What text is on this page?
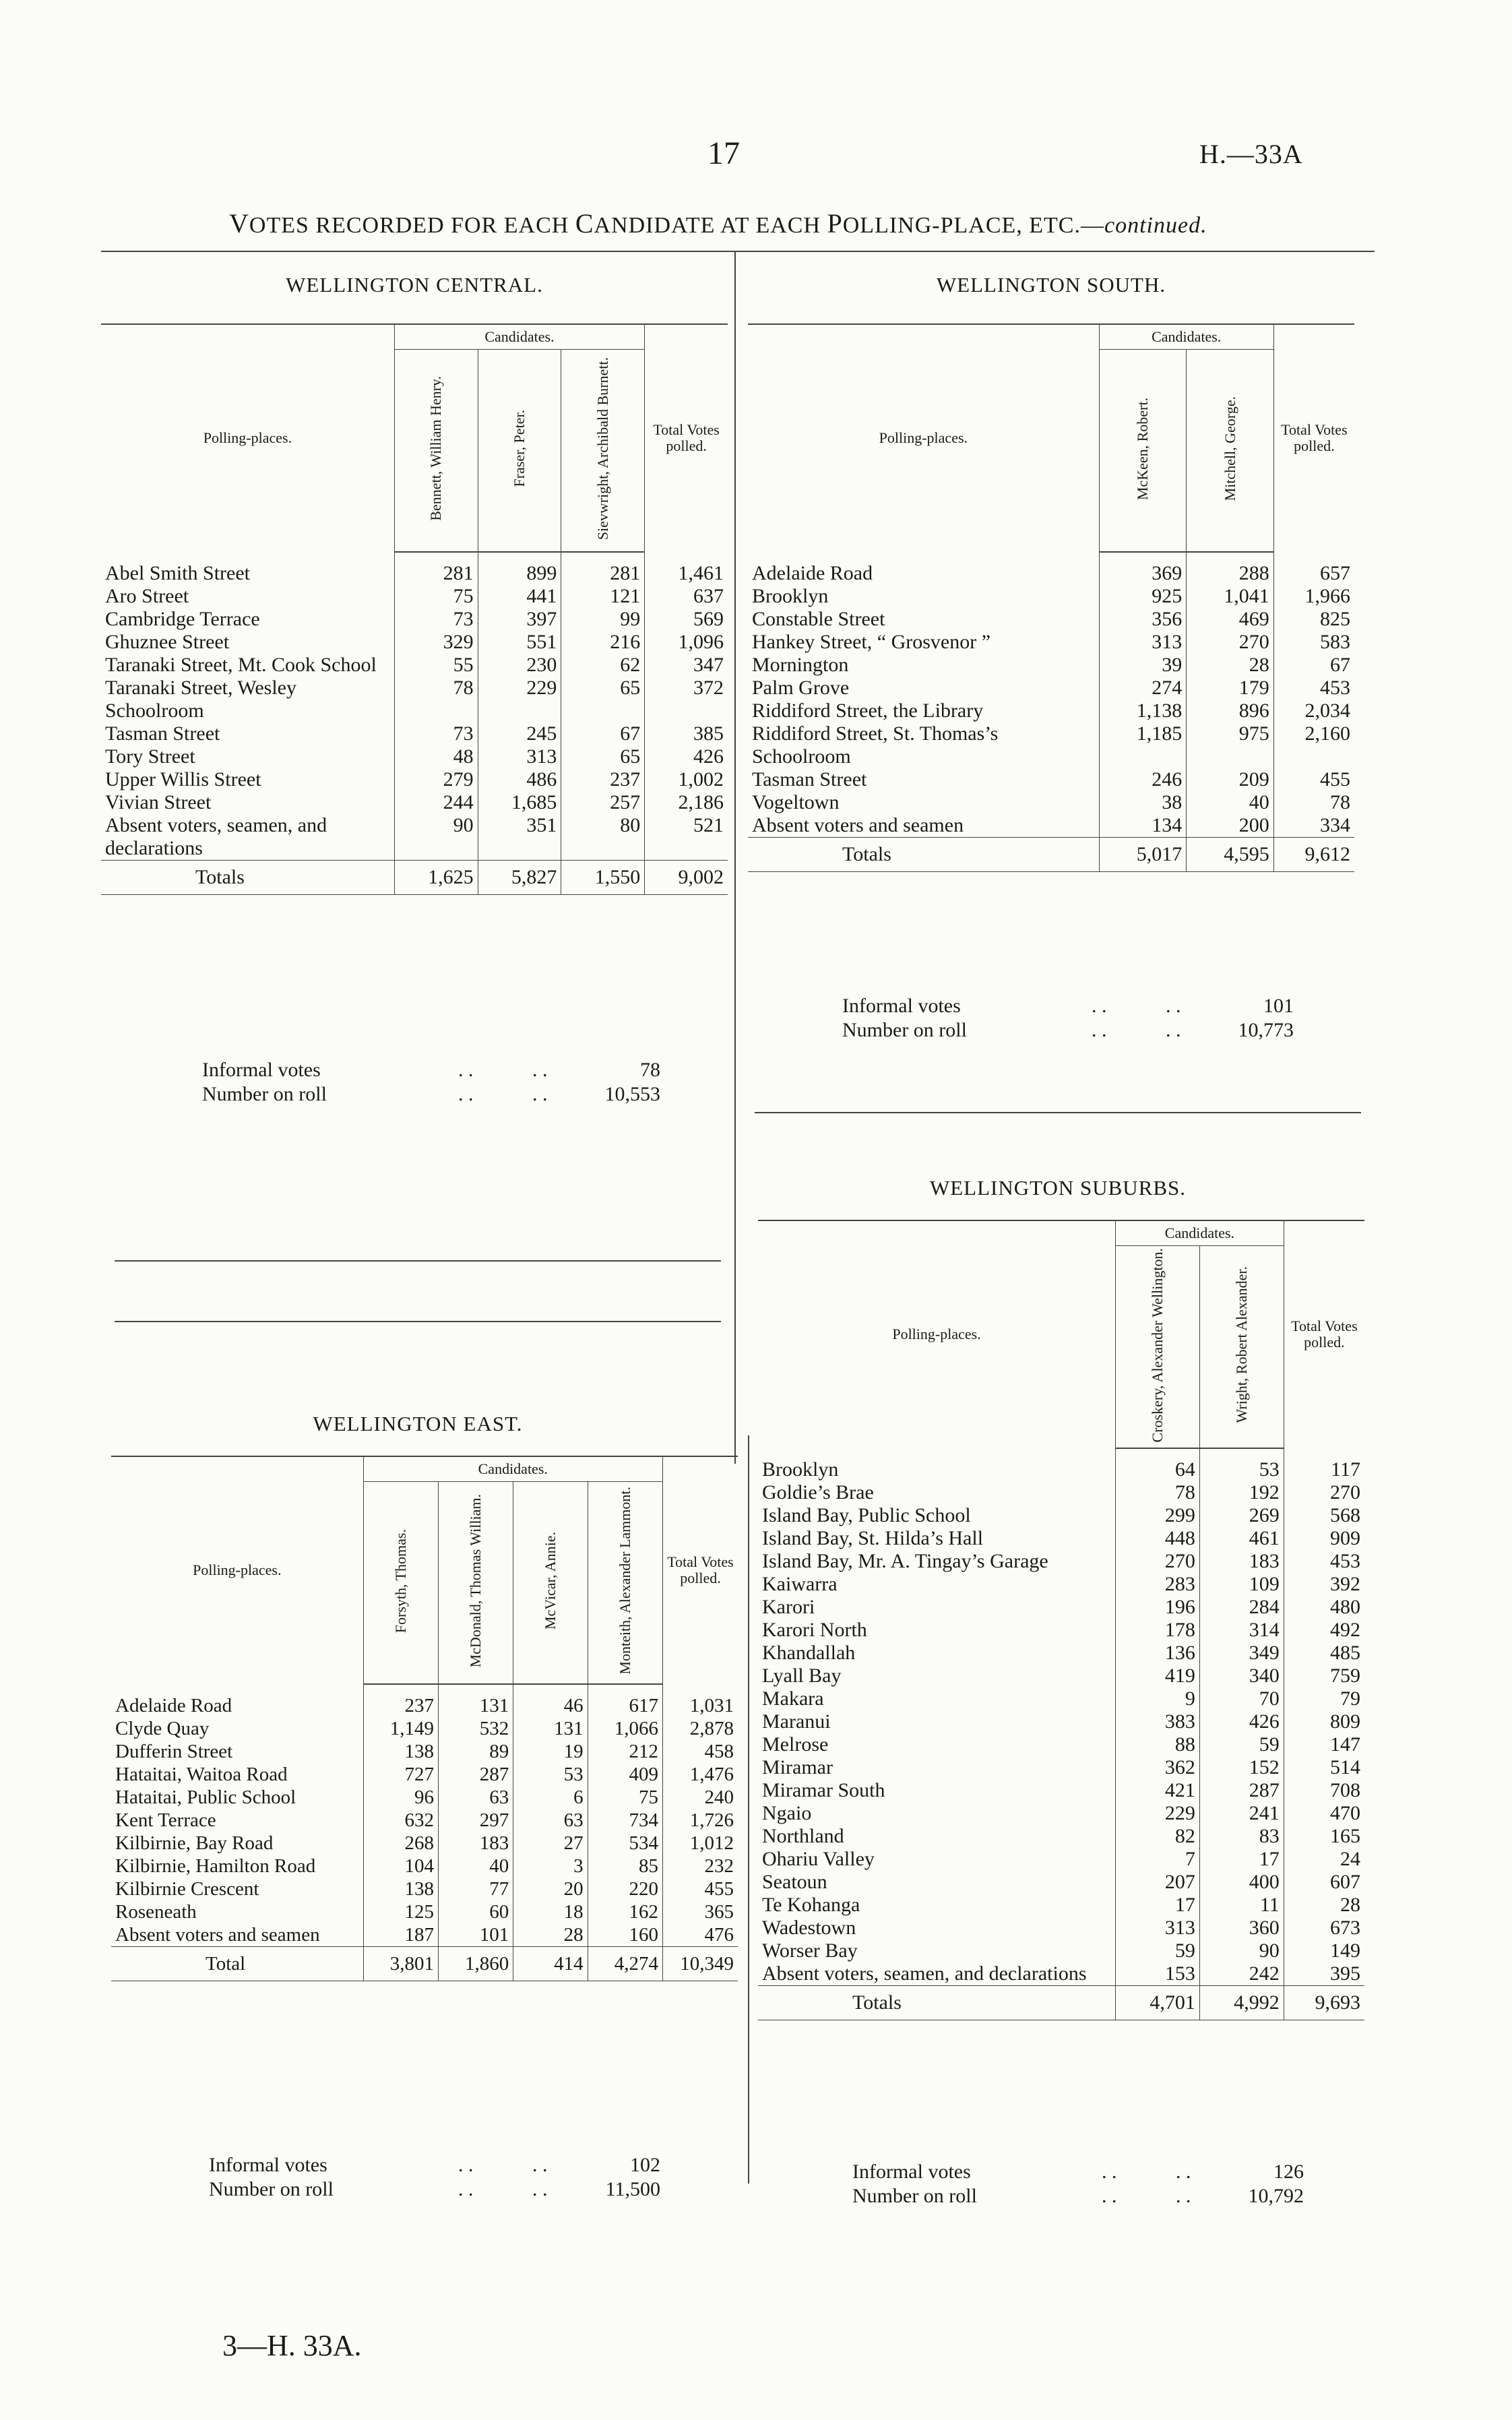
17	H.—33A
VOTES RECORDED FOR EACH CANDIDATE AT EACH POLLING-PLACE, ETC.—continued.
WELLINGTON CENTRAL.
Polling-places.	Candidates.			Total Votes polled.
	Bennett, William Henry.	Fraser, Peter.	Sievwright, Archibald Burnett.	

Abel Smith Street	281	899	281	1,461
Aro Street	75	441	121	637
Cambridge Terrace	73	397	99	569
Ghuznee Street	329	551	216	1,096
Taranaki Street, Mt. Cook School	55	230	62	347
Taranaki Street, Wesley Schoolroom	78	229	65	372
Tasman Street	73	245	67	385
Tory Street	48	313	65	426
Upper Willis Street	279	486	237	1,002
Vivian Street	244	1,685	257	2,186
Absent voters, seamen, and declarations	90	351	80	521
Totals	1,625	5,827	1,550	9,002
Informal votes	. .	. .	78
Number on roll	. .	. .	10,553
WELLINGTON SOUTH.
Polling-places.	Candidates.		Total Votes polled.
	McKeen, Robert.	Mitchell, George.	

Adelaide Road	369	288	657
Brooklyn	925	1,041	1,966
Constable Street	356	469	825
Hankey Street, “ Grosvenor ”	313	270	583
Mornington	39	28	67
Palm Grove	274	179	453
Riddiford Street, the Library	1,138	896	2,034
Riddiford Street, St. Thomas’s Schoolroom	1,185	975	2,160
Tasman Street	246	209	455
Vogeltown	38	40	78
Absent voters and seamen	134	200	334
Totals	5,017	4,595	9,612
Informal votes	. .	. .	101
Number on roll	. .	. .	10,773
WELLINGTON SUBURBS.
Polling-places.	Candidates.		Total Votes polled.
	Croskery, Alexander Wellington.	Wright, Robert Alexander.	

Brooklyn	64	53	117
Goldie’s Brae	78	192	270
Island Bay, Public School	299	269	568
Island Bay, St. Hilda’s Hall	448	461	909
Island Bay, Mr. A. Tingay’s Garage	270	183	453
Kaiwarra	283	109	392
Karori	196	284	480
Karori North	178	314	492
Khandallah	136	349	485
Lyall Bay	419	340	759
Makara	9	70	79
Maranui	383	426	809
Melrose	88	59	147
Miramar	362	152	514
Miramar South	421	287	708
Ngaio	229	241	470
Northland	82	83	165
Ohariu Valley	7	17	24
Seatoun	207	400	607
Te Kohanga	17	11	28
Wadestown	313	360	673
Worser Bay	59	90	149
Absent voters, seamen, and declarations	153	242	395
Totals	4,701	4,992	9,693
Informal votes	. .	. .	126
Number on roll	. .	. .	10,792
WELLINGTON EAST.
Polling-places.	Candidates.				Total Votes polled.
	Forsyth, Thomas.	McDonald, Thomas William.	McVicar, Annie.	Monteith, Alexander Lammont.	

Adelaide Road	237	131	46	617	1,031
Clyde Quay	1,149	532	131	1,066	2,878
Dufferin Street	138	89	19	212	458
Hataitai, Waitoa Road	727	287	53	409	1,476
Hataitai, Public School	96	63	6	75	240
Kent Terrace	632	297	63	734	1,726
Kilbirnie, Bay Road	268	183	27	534	1,012
Kilbirnie, Hamilton Road	104	40	3	85	232
Kilbirnie Crescent	138	77	20	220	455
Roseneath	125	60	18	162	365
Absent voters and seamen	187	101	28	160	476
Total	3,801	1,860	414	4,274	10,349
Informal votes	. .	. .	102
Number on roll	. .	. .	11,500
3—H. 33A.
